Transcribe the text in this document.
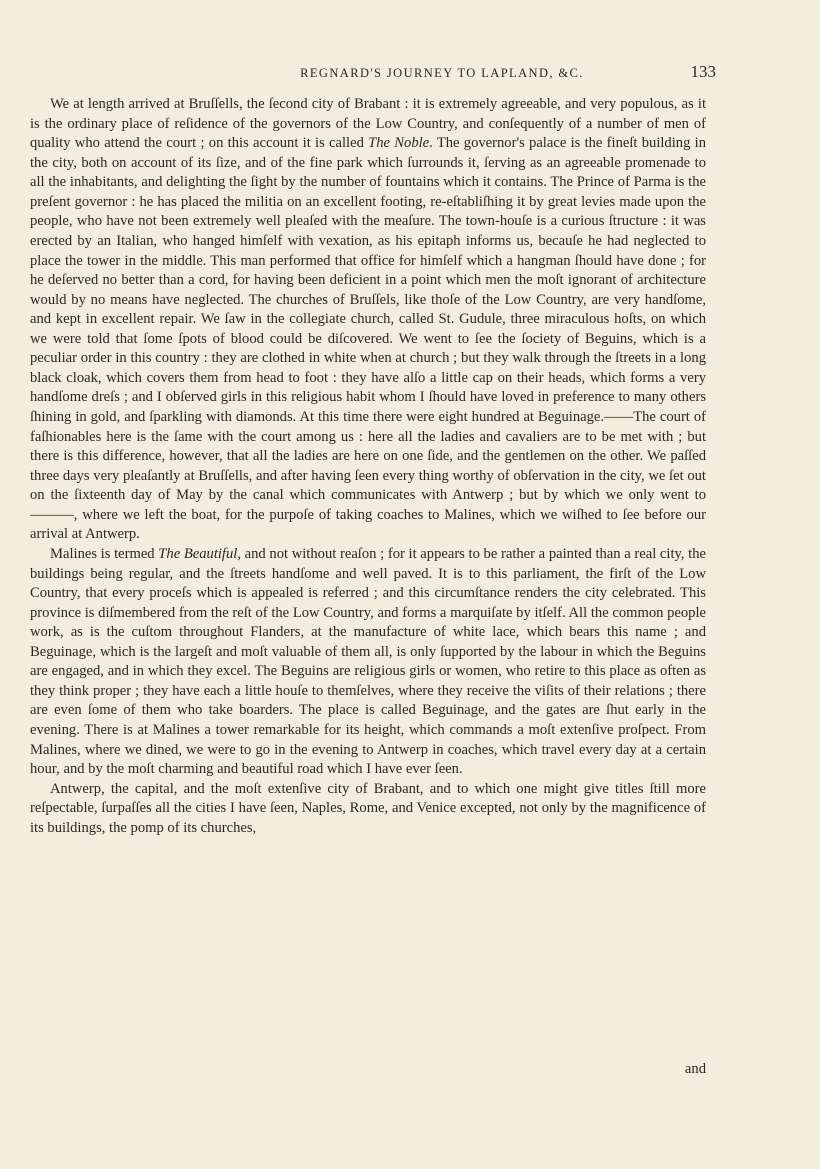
REGNARD'S JOURNEY TO LAPLAND, &C.	133

We at length arrived at Bruſſells, the ſecond city of Brabant : it is extremely agreeable, and very populous, as it is the ordinary place of reſidence of the governors of the Low Country, and conſequently of a number of men of quality who attend the court ; on this account it is called The Noble. The governor's palace is the fineſt building in the city, both on account of its ſize, and of the fine park which ſurrounds it, ſerving as an agreeable promenade to all the inhabitants, and delighting the ſight by the number of fountains which it contains. The Prince of Parma is the preſent governor : he has placed the militia on an excellent footing, re-eſtabliſhing it by great levies made upon the people, who have not been extremely well pleaſed with the meaſure. The town-houſe is a curious ſtructure : it was erected by an Italian, who hanged himſelf with vexation, as his epitaph informs us, becauſe he had neglected to place the tower in the middle. This man performed that office for himſelf which a hangman ſhould have done ; for he deſerved no better than a cord, for having been deficient in a point which men the moſt ignorant of architecture would by no means have neglected. The churches of Bruſſels, like thoſe of the Low Country, are very handſome, and kept in excellent repair. We ſaw in the collegiate church, called St. Gudule, three miraculous hoſts, on which we were told that ſome ſpots of blood could be diſcovered. We went to ſee the ſociety of Beguins, which is a peculiar order in this country : they are clothed in white when at church ; but they walk through the ſtreets in a long black cloak, which covers them from head to foot : they have alſo a little cap on their heads, which forms a very handſome dreſs ; and I obſerved girls in this religious habit whom I ſhould have loved in preference to many others ſhining in gold, and ſparkling with diamonds. At this time there were eight hundred at Beguinage.——The court of faſhionables here is the ſame with the court among us : here all the ladies and cavaliers are to be met with ; but there is this difference, however, that all the ladies are here on one ſide, and the gentlemen on the other. We paſſed three days very pleaſantly at Bruſſells, and after having ſeen every thing worthy of obſervation in the city, we ſet out on the ſixteenth day of May by the canal which communicates with Antwerp ; but by which we only went to ———, where we left the boat, for the purpoſe of taking coaches to Malines, which we wiſhed to ſee before our arrival at Antwerp.

Malines is termed The Beautiful, and not without reaſon ; for it appears to be rather a painted than a real city, the buildings being regular, and the ſtreets handſome and well paved. It is to this parliament, the firſt of the Low Country, that every proceſs which is appealed is referred ; and this circumſtance renders the city celebrated. This province is diſmembered from the reſt of the Low Country, and forms a marquiſate by itſelf. All the common people work, as is the cuſtom throughout Flanders, at the manufacture of white lace, which bears this name ; and Beguinage, which is the largeſt and moſt valuable of them all, is only ſupported by the labour in which the Beguins are engaged, and in which they excel. The Beguins are religious girls or women, who retire to this place as often as they think proper ; they have each a little houſe to themſelves, where they receive the viſits of their relations ; there are even ſome of them who take boarders. The place is called Beguinage, and the gates are ſhut early in the evening. There is at Malines a tower remarkable for its height, which commands a moſt extenſive proſpect. From Malines, where we dined, we were to go in the evening to Antwerp in coaches, which travel every day at a certain hour, and by the moſt charming and beautiful road which I have ever ſeen.

Antwerp, the capital, and the moſt extenſive city of Brabant, and to which one might give titles ſtill more reſpectable, ſurpaſſes all the cities I have ſeen, Naples, Rome, and Venice excepted, not only by the magnificence of its buildings, the pomp of its churches,

and
